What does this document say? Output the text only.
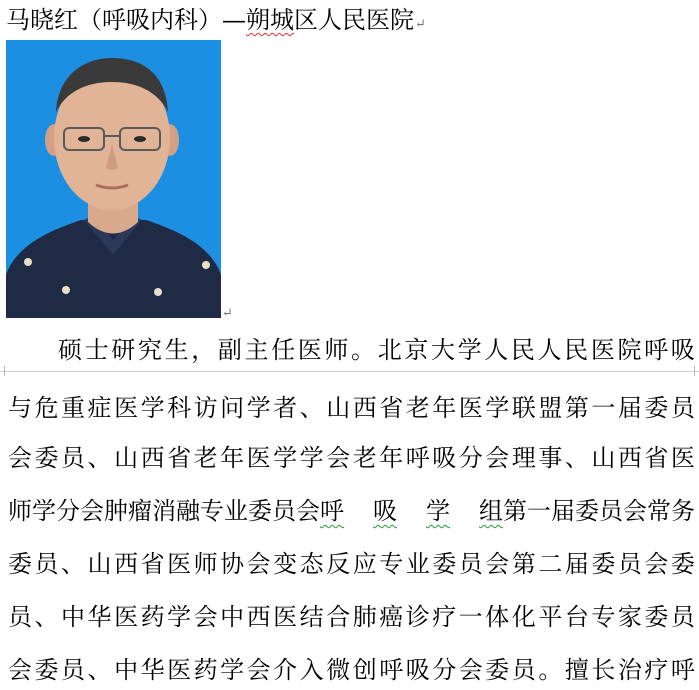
马晓红（呼吸内科）—朔城区人民医院↵
↵
硕 士 研 究 生 ， 副 主 任 医 师 。 北 京 大 学 人 民 人 民 医 院 呼 吸
与 危 重 症 医 学 科 访 问 学 者 、 山 西 省 老 年 医 学 联 盟 第 一 届 委 员
会 委 员 、 山 西 省 老 年 医 学 学 会 老 年 呼 吸 分 会 理 事 、 山 西 省 医
师 学 分 会 肿 瘤 消 融 专 业 委 员 会 呼 吸 学 组 第 一 届 委 员 会 常 务
委 员 、 山 西 省 医 师 协 会 变 态 反 应 专 业 委 员 会 第 二 届 委 员 会 委
员 、 中 华 医 药 学 会 中 西 医 结 合 肺 癌 诊 疗 一 体 化 平 台 专 家 委 员
会 委 员 、 中 华 医 药 学 会 介 入 微 创 呼 吸 分 会 委 员 。 擅 长 治 疗 呼
